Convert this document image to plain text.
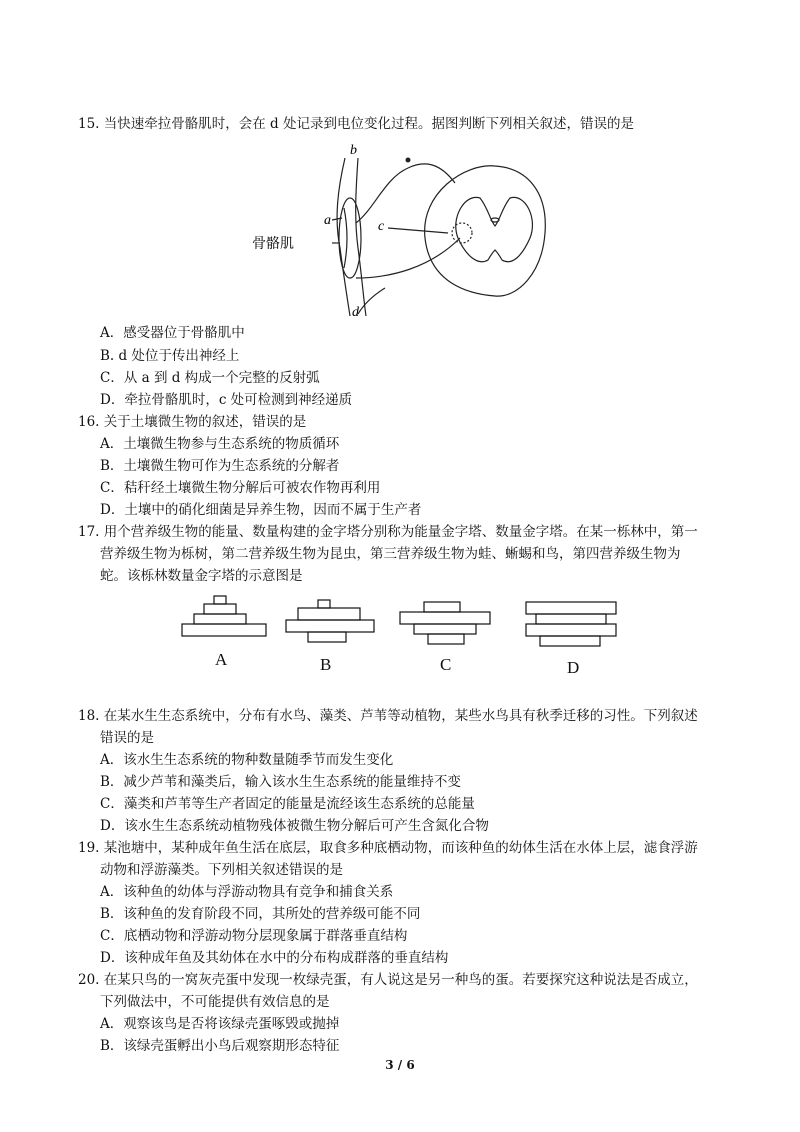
15. 当快速牵拉骨骼肌时，会在 d 处记录到电位变化过程。据图判断下列相关叙述，错误的是
b
a	c
d
骨骼肌
A．感受器位于骨骼肌中
B. d 处位于传出神经上
C．从 a 到 d 构成一个完整的反射弧
D．牵拉骨骼肌时，c 处可检测到神经递质
16. 关于土壤微生物的叙述，错误的是
A．土壤微生物参与生态系统的物质循环
B．土壤微生物可作为生态系统的分解者
C．秸秆经土壤微生物分解后可被农作物再利用
D．土壤中的硝化细菌是异养生物，因而不属于生产者
17. 用个营养级生物的能量、数量构建的金字塔分别称为能量金字塔、数量金字塔。在某一栎林中，第一
营养级生物为栎树，第二营养级生物为昆虫，第三营养级生物为蛙、蜥蜴和鸟，第四营养级生物为
蛇。该栎林数量金字塔的示意图是
A	B	C	D
18. 在某水生生态系统中，分布有水鸟、藻类、芦苇等动植物，某些水鸟具有秋季迁移的习性。下列叙述
错误的是
A．该水生生态系统的物种数量随季节而发生变化
B．减少芦苇和藻类后，输入该水生生态系统的能量维持不变
C．藻类和芦苇等生产者固定的能量是流经该生态系统的总能量
D．该水生生态系统动植物残体被微生物分解后可产生含氮化合物
19. 某池塘中，某种成年鱼生活在底层，取食多种底栖动物，而该种鱼的幼体生活在水体上层，滤食浮游
动物和浮游藻类。下列相关叙述错误的是
A．该种鱼的幼体与浮游动物具有竞争和捕食关系
B．该种鱼的发育阶段不同，其所处的营养级可能不同
C．底栖动物和浮游动物分层现象属于群落垂直结构
D．该种成年鱼及其幼体在水中的分布构成群落的垂直结构
20. 在某只鸟的一窝灰壳蛋中发现一枚绿壳蛋，有人说这是另一种鸟的蛋。若要探究这种说法是否成立，
下列做法中，不可能提供有效信息的是
A．观察该鸟是否将该绿壳蛋啄毁或抛掉
B．该绿壳蛋孵出小鸟后观察期形态特征
3 / 6
